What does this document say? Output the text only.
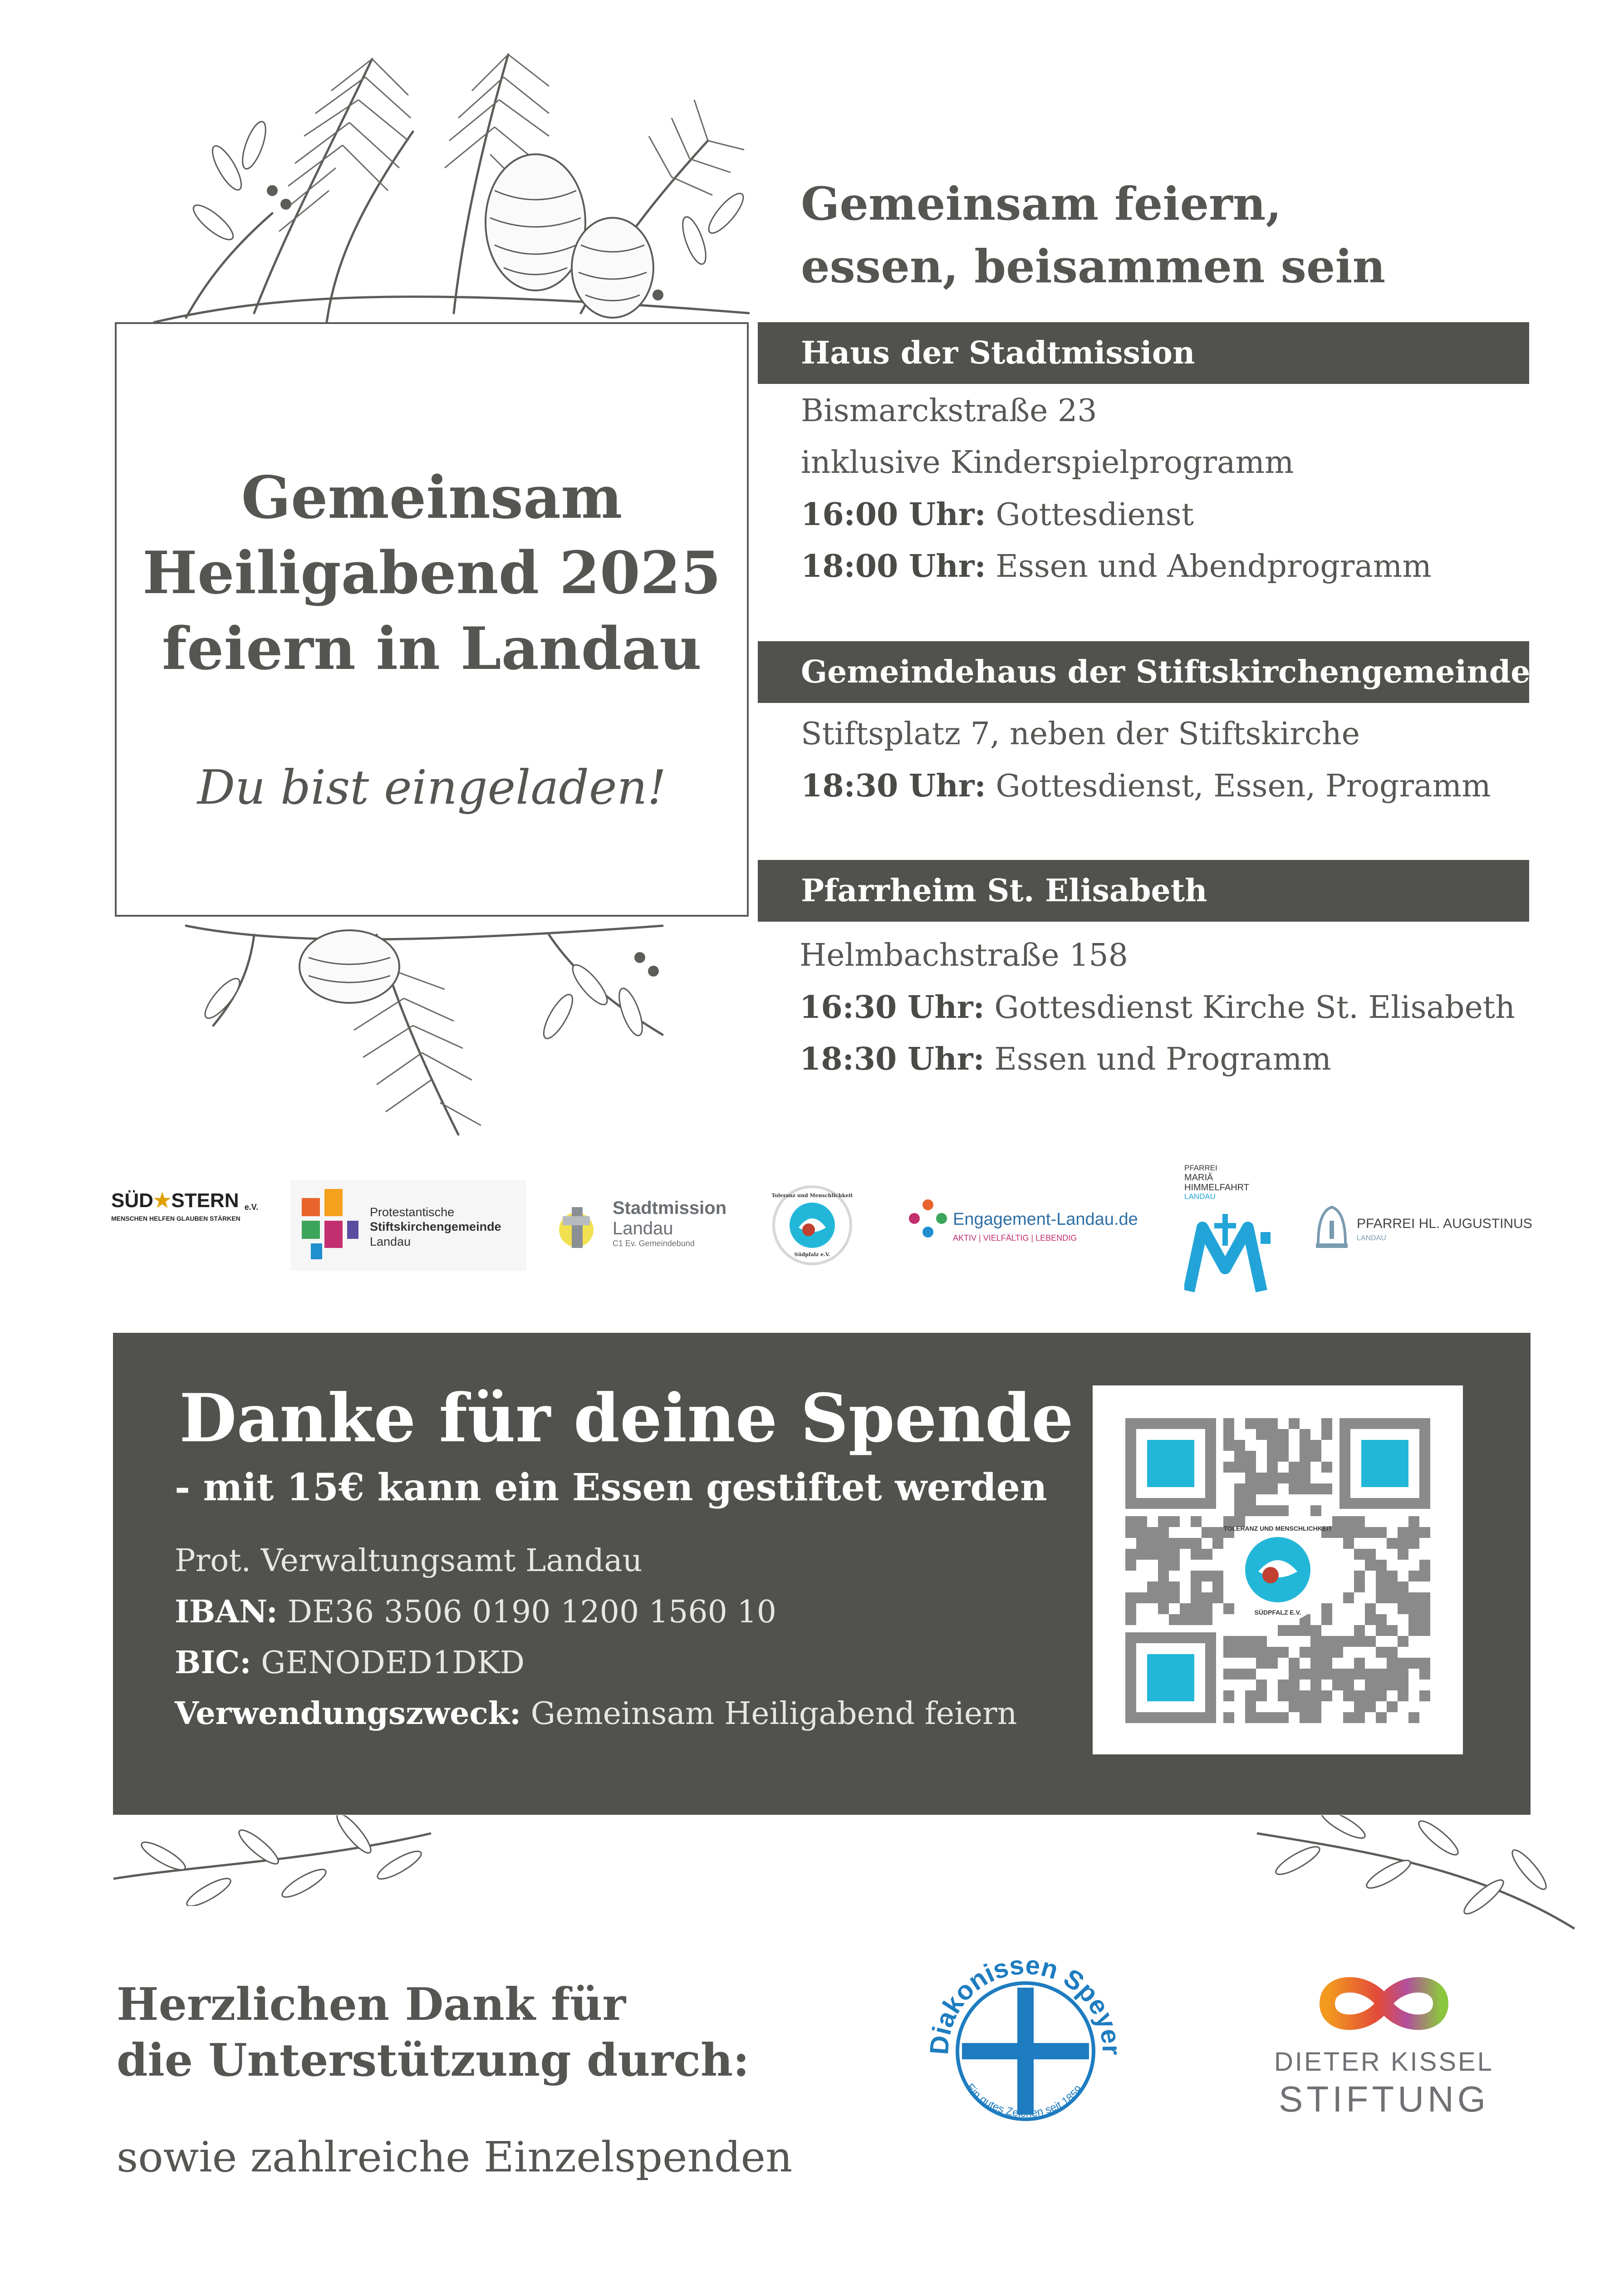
Gemeinsam
Heiligabend 2025
feiern in Landau
Du bist eingeladen!
Gemeinsam feiern,
essen, beisammen sein
Haus der Stadtmission
Bismarckstraße 23
inklusive Kinderspielprogramm
16:00 Uhr: Gottesdienst
18:00 Uhr: Essen und Abendprogramm
Gemeindehaus der Stiftskirchengemeinde
Stiftsplatz 7, neben der Stiftskirche
18:30 Uhr: Gottesdienst, Essen, Programm
Pfarrheim St. Elisabeth
Helmbachstraße 158
16:30 Uhr: Gottesdienst Kirche St. Elisabeth
18:30 Uhr: Essen und Programm
SÜD★STERN e.V.
MENSCHEN HELFEN GLAUBEN STÄRKEN	Protestantische
Stiftskirchengemeinde
Landau
Stadtmission
Landau
C1 Ev. Gemeindebund
Toleranz und Menschlichkeit
Südpfalz e.V.
Engagement-Landau.de
AKTIV | VIELFÄLTIG | LEBENDIG
PFARREI
MARIÄ
HIMMELFAHRT
LANDAU
PFARREI HL. AUGUSTINUS
LANDAU
Danke für deine Spende
- mit 15€ kann ein Essen gestiftet werden
Prot. Verwaltungsamt Landau
IBAN: DE36 3506 0190 1200 1560 10
BIC: GENODED1DKD
Verwendungszweck: Gemeinsam Heiligabend feiern
TOLERANZ UND MENSCHLICHKEIT
SÜDPFALZ E.V.
Herzlichen Dank für
die Unterstützung durch:
sowie zahlreiche Einzelspenden
Diakonissen Speyer
Ein gutes Zeichen seit 1859.
DIETER KISSEL
STIFTUNG
